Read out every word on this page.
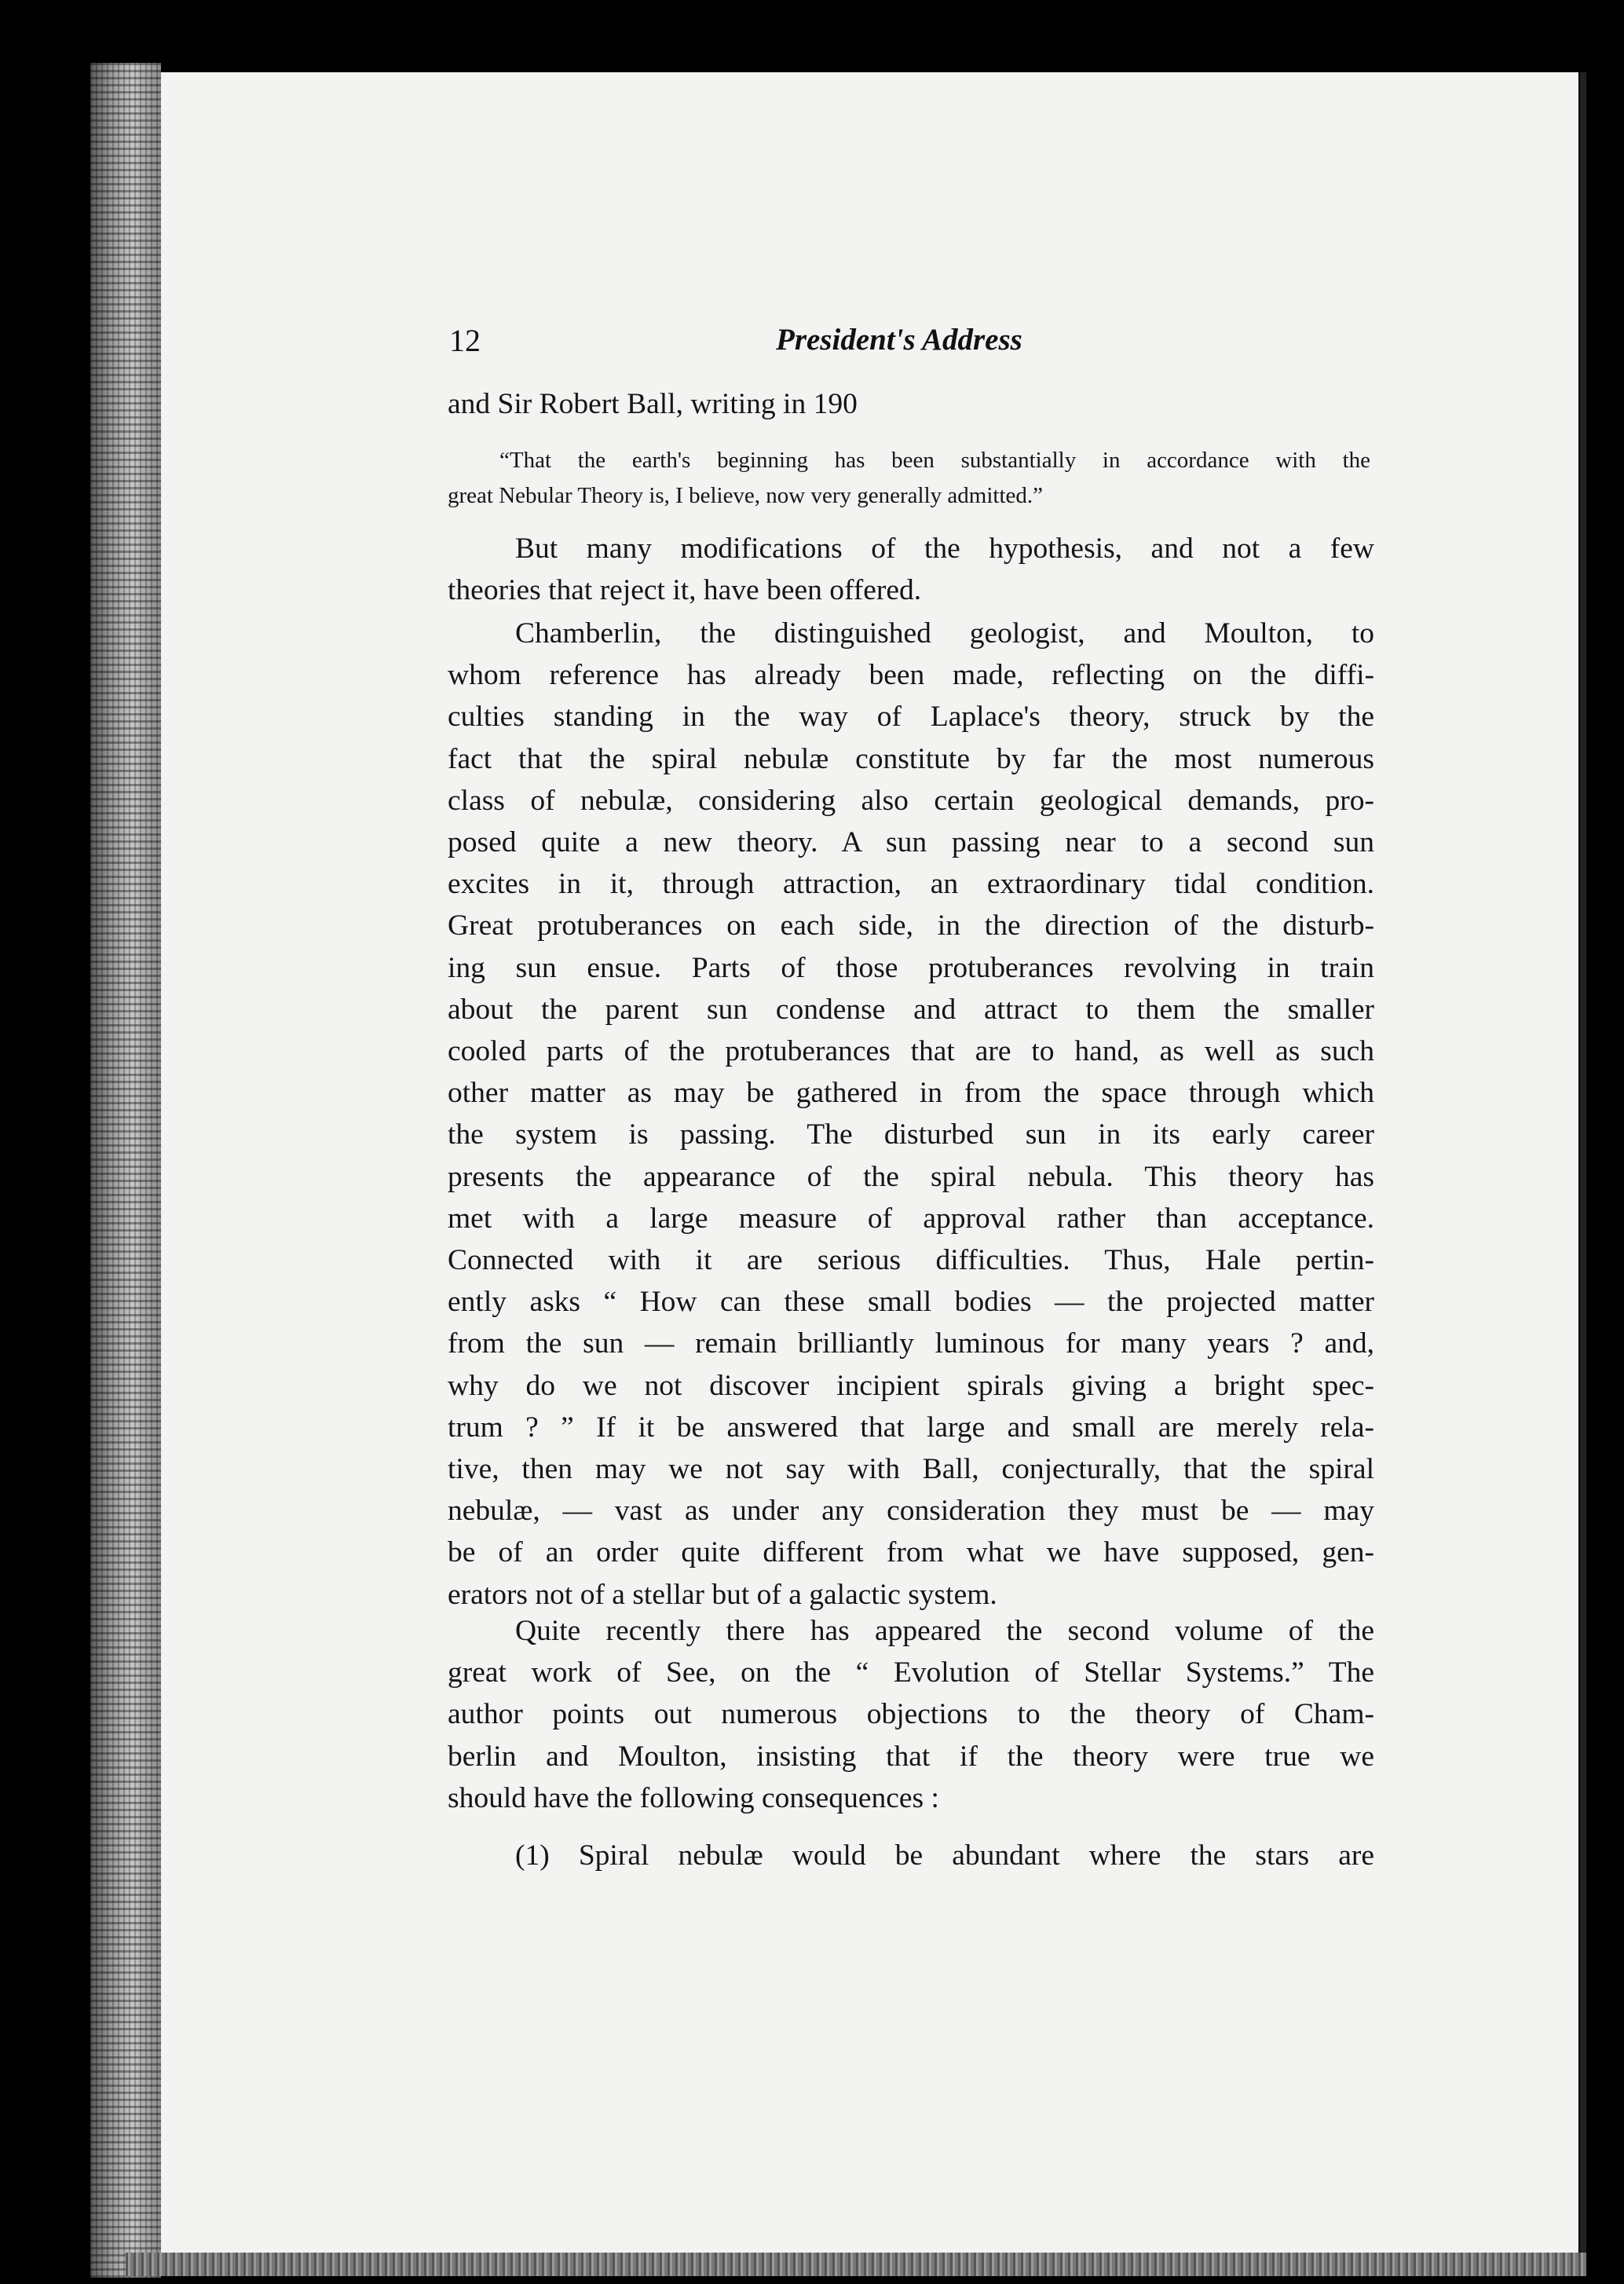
12	President's Address
and Sir Robert Ball, writing in 190
“That the earth's beginning has been substantially in accordance with the
great Nebular Theory is, I believe, now very generally admitted.”
But many modifications of the hypothesis, and not a few
theories that reject it, have been offered.
Chamberlin, the distinguished geologist, and Moulton, to
whom reference has already been made, reflecting on the diffi-
culties standing in the way of Laplace's theory, struck by the
fact that the spiral nebulæ constitute by far the most numerous
class of nebulæ, considering also certain geological demands, pro-
posed quite a new theory. A sun passing near to a second sun
excites in it, through attraction, an extraordinary tidal condition.
Great protuberances on each side, in the direction of the disturb-
ing sun ensue. Parts of those protuberances revolving in train
about the parent sun condense and attract to them the smaller
cooled parts of the protuberances that are to hand, as well as such
other matter as may be gathered in from the space through which
the system is passing. The disturbed sun in its early career
presents the appearance of the spiral nebula. This theory has
met with a large measure of approval rather than acceptance.
Connected with it are serious difficulties. Thus, Hale pertin-
ently asks “ How can these small bodies — the projected matter
from the sun — remain brilliantly luminous for many years ? and,
why do we not discover incipient spirals giving a bright spec-
trum ? ” If it be answered that large and small are merely rela-
tive, then may we not say with Ball, conjecturally, that the spiral
nebulæ, — vast as under any consideration they must be — may
be of an order quite different from what we have supposed, gen-
erators not of a stellar but of a galactic system.
Quite recently there has appeared the second volume of the
great work of See, on the “ Evolution of Stellar Systems.” The
author points out numerous objections to the theory of Cham-
berlin and Moulton, insisting that if the theory were true we
should have the following consequences :
(1) Spiral nebulæ would be abundant where the stars are
